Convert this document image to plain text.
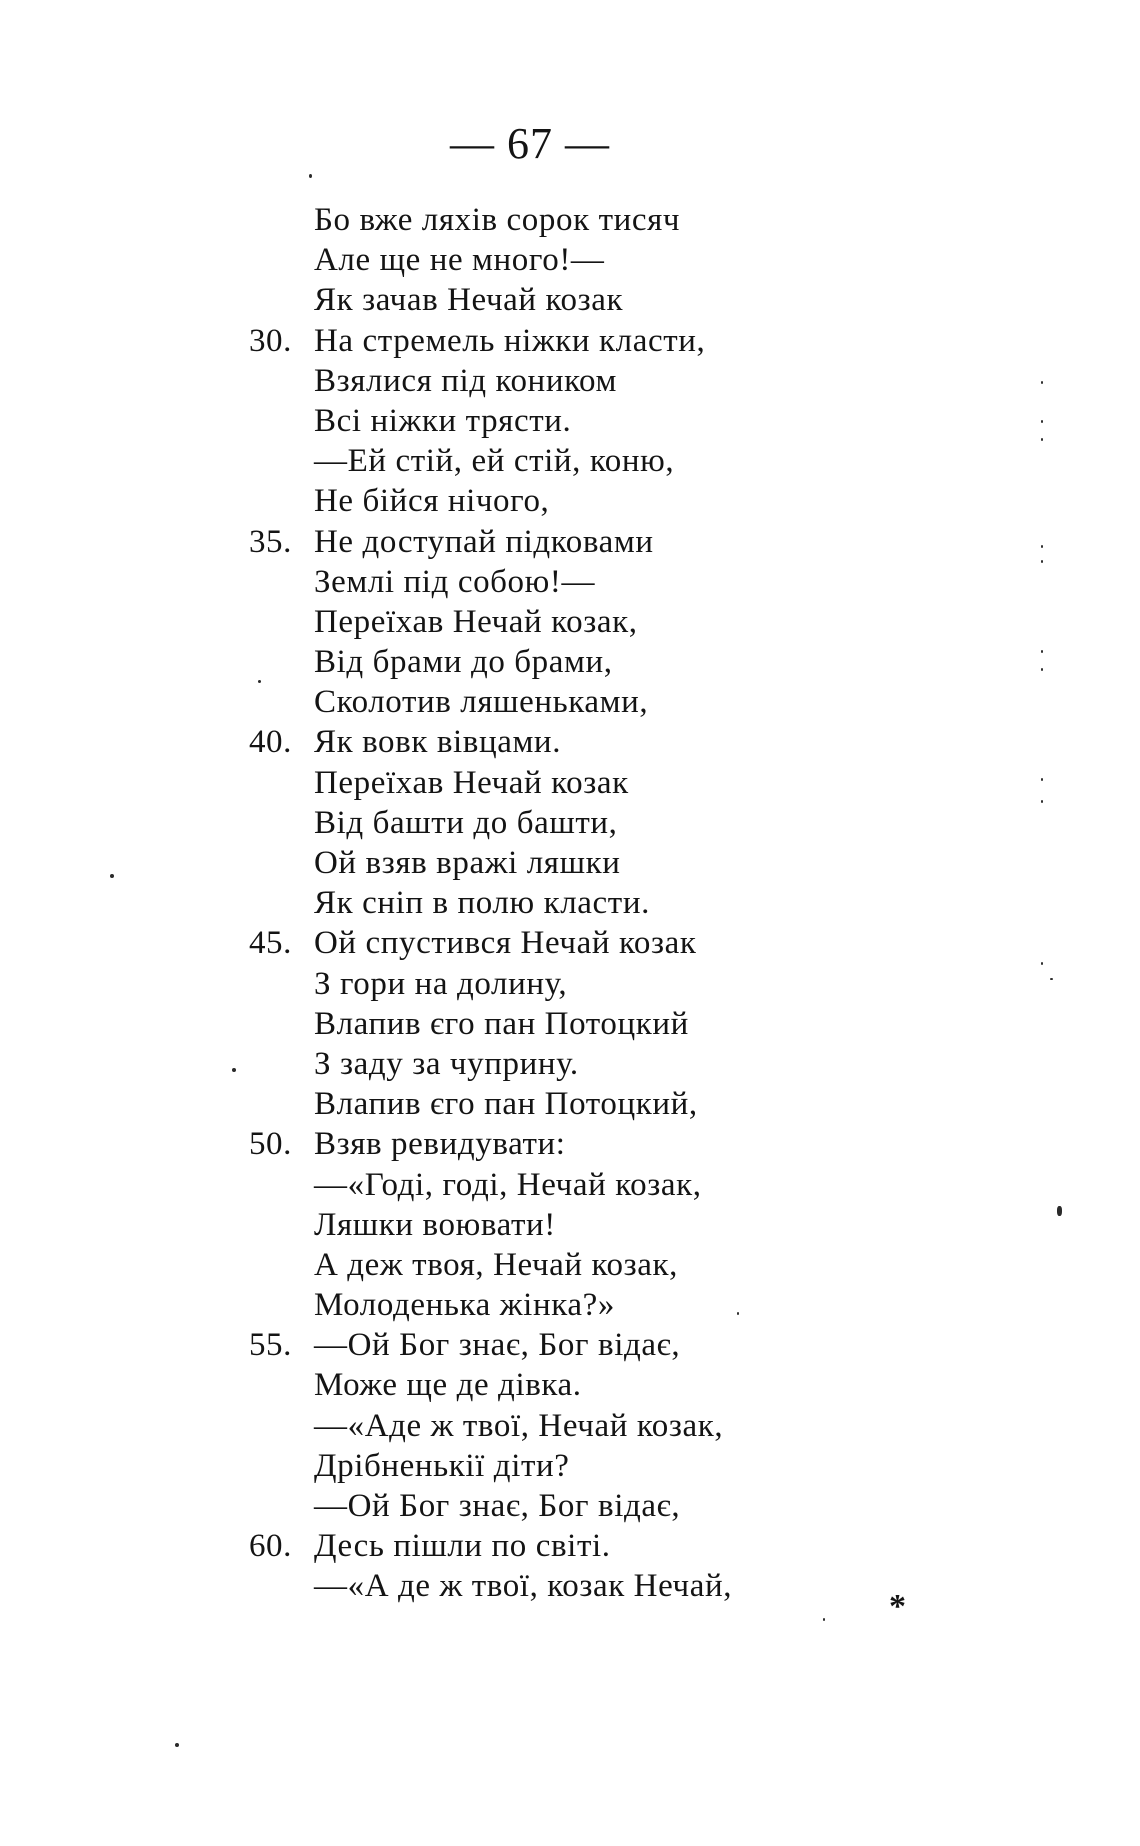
— 67 —
Бо вже ляхів сорок тисяч
Але ще не много!—
Як зачав Нечай козак
30. На стремель ніжки класти,
Взялися під коником
Всі ніжки трясти.
—Ей стій, ей стій, коню,
Не бійся нічого,
35. Не доступай підковами
Землі під собою!—
Переїхав Нечай козак,
Від брами до брами,
Сколотив ляшеньками,
40. Як вовк вівцами.
Переїхав Нечай козак
Від башти до башти,
Ой взяв вражі ляшки
Як сніп в полю класти.
45. Ой спустився Нечай козак
З гори на долину,
Влапив єго пан Потоцкий
З заду за чуприну.
Влапив єго пан Потоцкий,
50. Взяв ревидувати:
—«Годі, годі, Нечай козак,
Ляшки воювати!
А деж твоя, Нечай козак,
Молоденька жінка?»
55. —Ой Бог знає, Бог відає,
Може ще де дівка.
—«Аде ж твої, Нечай козак,
Дрібненькії діти?
—Ой Бог знає, Бог відає,
60. Десь пішли по світі.
—«А де ж твої, козак Нечай,
*
